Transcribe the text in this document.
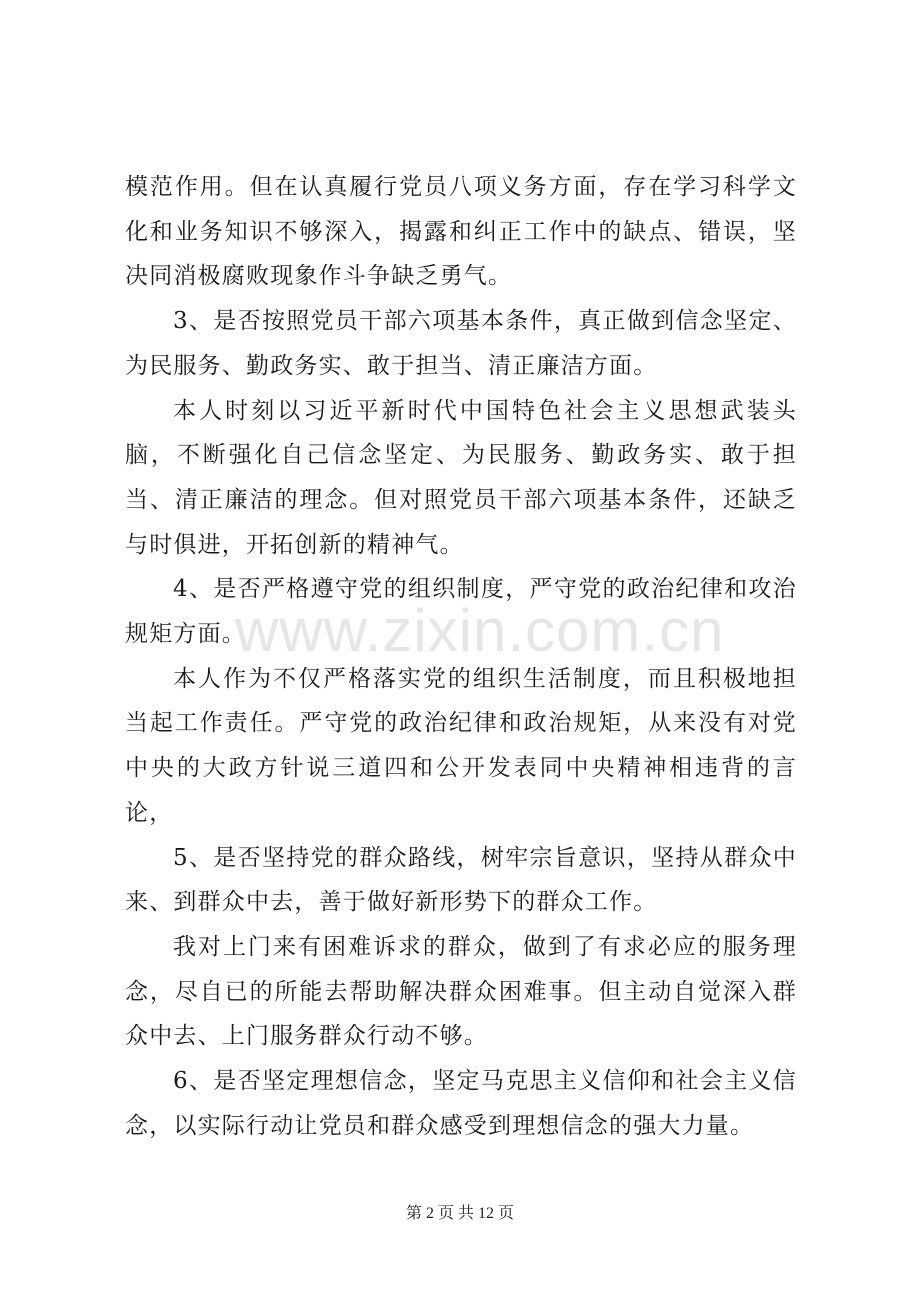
模范作用。但在认真履行党员八项义务方面，存在学习科学文化和业务知识不够深入，揭露和纠正工作中的缺点、错误，坚决同消极腐败现象作斗争缺乏勇气。

3、是否按照党员干部六项基本条件，真正做到信念坚定、为民服务、勤政务实、敢于担当、清正廉洁方面。

本人时刻以习近平新时代中国特色社会主义思想武装头脑，不断强化自己信念坚定、为民服务、勤政务实、敢于担当、清正廉洁的理念。但对照党员干部六项基本条件，还缺乏与时俱进，开拓创新的精神气。

4、是否严格遵守党的组织制度，严守党的政治纪律和攻治规矩方面。

本人作为不仅严格落实党的组织生活制度，而且积极地担当起工作责任。严守党的政治纪律和政治规矩，从来没有对党中央的大政方针说三道四和公开发表同中央精神相违背的言论，

5、是否坚持党的群众路线，树牢宗旨意识，坚持从群众中来、到群众中去，善于做好新形势下的群众工作。

我对上门来有困难诉求的群众，做到了有求必应的服务理念，尽自已的所能去帮助解决群众困难事。但主动自觉深入群众中去、上门服务群众行动不够。

6、是否坚定理想信念，坚定马克思主义信仰和社会主义信念，以实际行动让党员和群众感受到理想信念的强大力量。

www.zixin.com.cn
第 2 页 共 12 页
